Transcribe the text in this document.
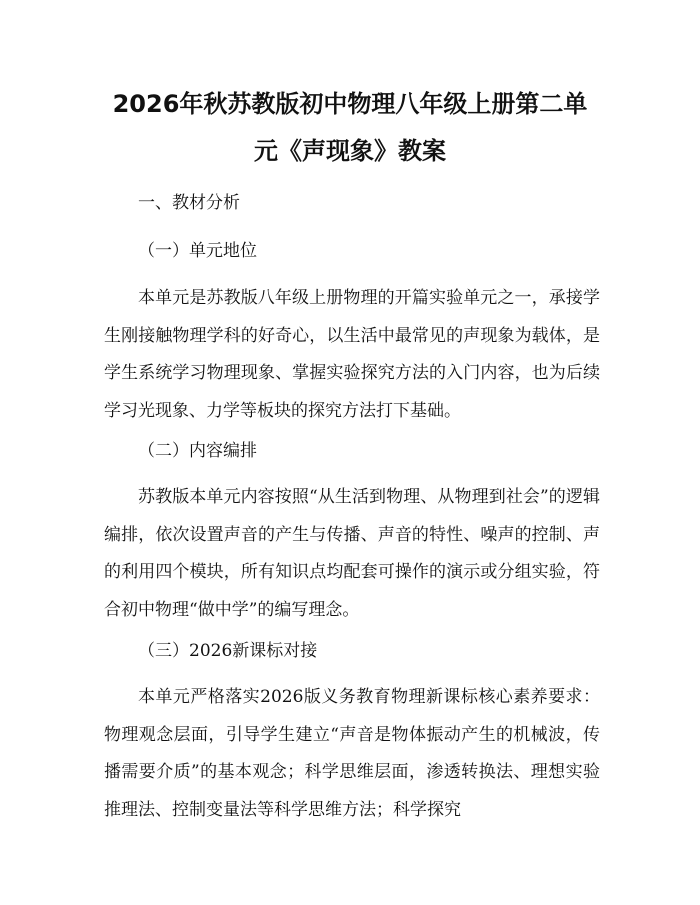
2026年秋苏教版初中物理八年级上册第二单
元《声现象》教案

一、教材分析

（一）单元地位

本单元是苏教版八年级上册物理的开篇实验单元之一，承接学生刚接触物理学科的好奇心，以生活中最常见的声现象为载体，是学生系统学习物理现象、掌握实验探究方法的入门内容，也为后续学习光现象、力学等板块的探究方法打下基础。

（二）内容编排

苏教版本单元内容按照“从生活到物理、从物理到社会”的逻辑编排，依次设置声音的产生与传播、声音的特性、噪声的控制、声的利用四个模块，所有知识点均配套可操作的演示或分组实验，符合初中物理“做中学”的编写理念。

（三）2026新课标对接

本单元严格落实2026版义务教育物理新课标核心素养要求：物理观念层面，引导学生建立“声音是物体振动产生的机械波，传播需要介质”的基本观念；科学思维层面，渗透转换法、理想实验推理法、控制变量法等科学思维方法；科学探究
